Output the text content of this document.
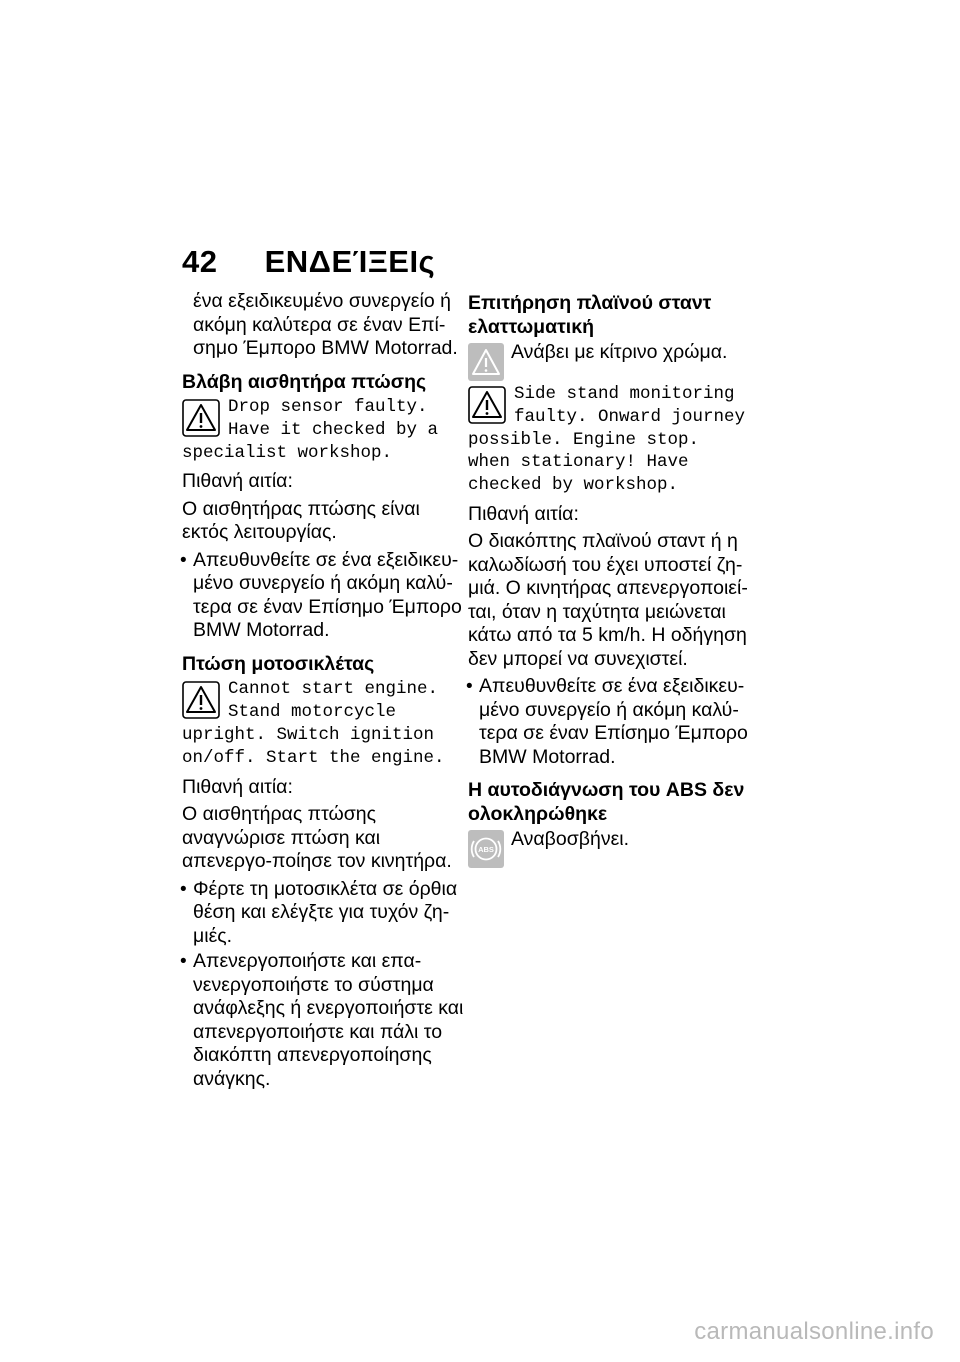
42 ΕΝΔΕΊΞΕΙς

ένα εξειδικευμένο συνεργείο ή ακόμη καλύτερα σε έναν Επί-σημο Έμπορο BMW Motorrad.

Βλάβη αισθητήρα πτώσης
Drop sensor faulty. Have it checked by a specialist workshop.

Πιθανή αιτία:

Ο αισθητήρας πτώσης είναι εκτός λειτουργίας.

• Απευθυνθείτε σε ένα εξειδικευ-μένο συνεργείο ή ακόμη καλύ-τερα σε έναν Επίσημο Έμπορο BMW Motorrad.
Πτώση μοτοσικλέτας
Cannot start engine. Stand motorcycle upright. Switch ignition on/off. Start the engine.

Πιθανή αιτία:

Ο αισθητήρας πτώσης αναγνώρισε πτώση και απενεργο-ποίησε τον κινητήρα.

• Φέρτε τη μοτοσικλέτα σε όρθια θέση και ελέγξτε για τυχόν ζη-μιές.
• Απενεργοποιήστε και επα-νενεργοποιήστε το σύστημα ανάφλεξης ή ενεργοποιήστε και απενεργοποιήστε και πάλι το διακόπτη απενεργοποίησης ανάγκης.
Επιτήρηση πλαϊνού σταντ ελαττωματική
Ανάβει με κίτρινο χρώμα.
Side stand monitoring faulty. Onward journey possible. Engine stop. when stationary! Have checked by workshop.

Πιθανή αιτία:

Ο διακόπτης πλαϊνού σταντ ή η καλωδίωσή του έχει υποστεί ζη-μιά. Ο κινητήρας απενεργοποιεί-ται, όταν η ταχύτητα μειώνεται κάτω από τα 5 km/h. Η οδήγηση δεν μπορεί να συνεχιστεί.

• Απευθυνθείτε σε ένα εξειδικευ-μένο συνεργείο ή ακόμη καλύ-τερα σε έναν Επίσημο Έμπορο BMW Motorrad.
Η αυτοδιάγνωση του ABS δεν ολοκληρώθηκε
ABS Αναβοσβήνει.
carmanualsonline.info
